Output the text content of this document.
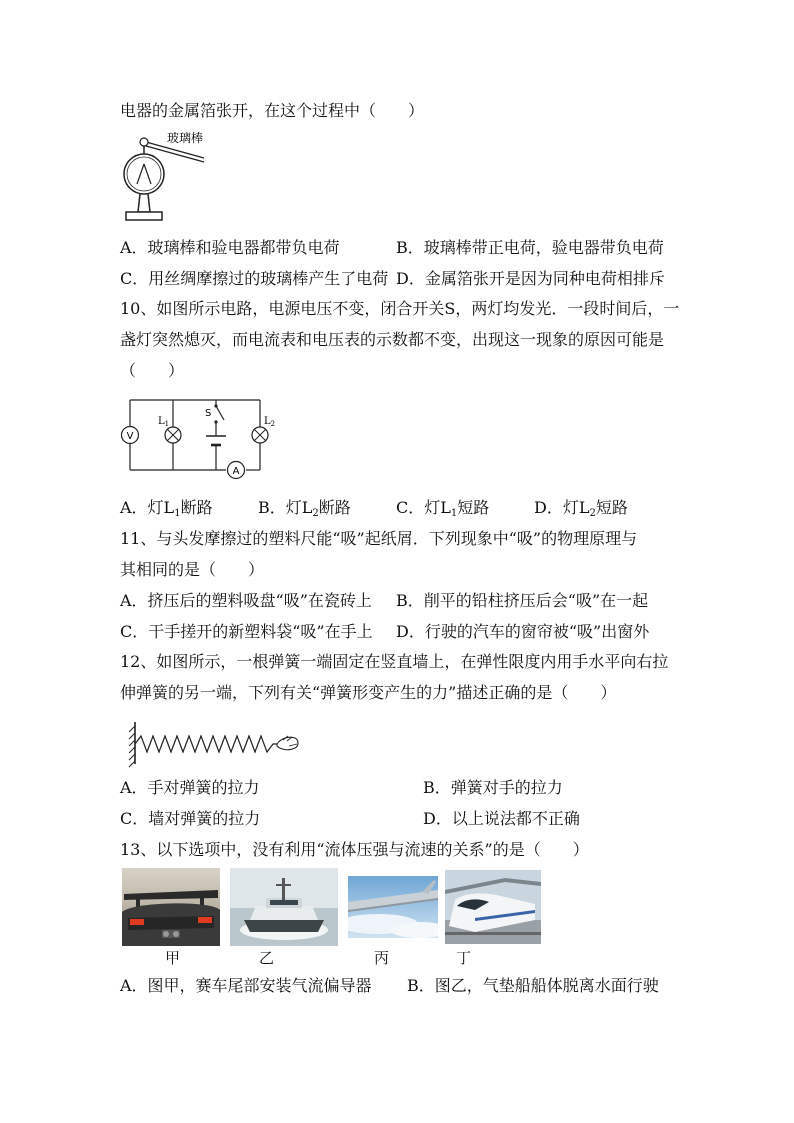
电器的金属箔张开，在这个过程中（　　）
玻璃棒
A．玻璃棒和验电器都带负电荷	B．玻璃棒带正电荷，验电器带负电荷
C．用丝绸摩擦过的玻璃棒产生了电荷 D．金属箔张开是因为同种电荷相排斥
10、如图所示电路，电源电压不变，闭合开关S，两灯均发光．一段时间后，一
盏灯突然熄灭，而电流表和电压表的示数都不变，出现这一现象的原因可能是
（　　）
V
$L_1$	$L_2$
S
A
A．灯$L_1$断路	B．灯$L_2$断路	C．灯$L_1$短路	D．灯$L_2$短路
11、与头发摩擦过的塑料尺能“吸”起纸屑．下列现象中“吸”的物理原理与
其相同的是（　　）
A．挤压后的塑料吸盘“吸”在瓷砖上 B．削平的铅柱挤压后会“吸”在一起
C．干手搓开的新塑料袋“吸”在手上 D．行驶的汽车的窗帘被“吸”出窗外
12、如图所示，一根弹簧一端固定在竖直墙上，在弹性限度内用手水平向右拉
伸弹簧的另一端，下列有关“弹簧形变产生的力”描述正确的是（　　）
A．手对弹簧的拉力	B．弹簧对手的拉力
C．墙对弹簧的拉力	D．以上说法都不正确
13、以下选项中，没有利用“流体压强与流速的关系”的是（　　）
甲	乙	丙	丁
A．图甲，赛车尾部安装气流偏导器 B．图乙，气垫船船体脱离水面行驶
